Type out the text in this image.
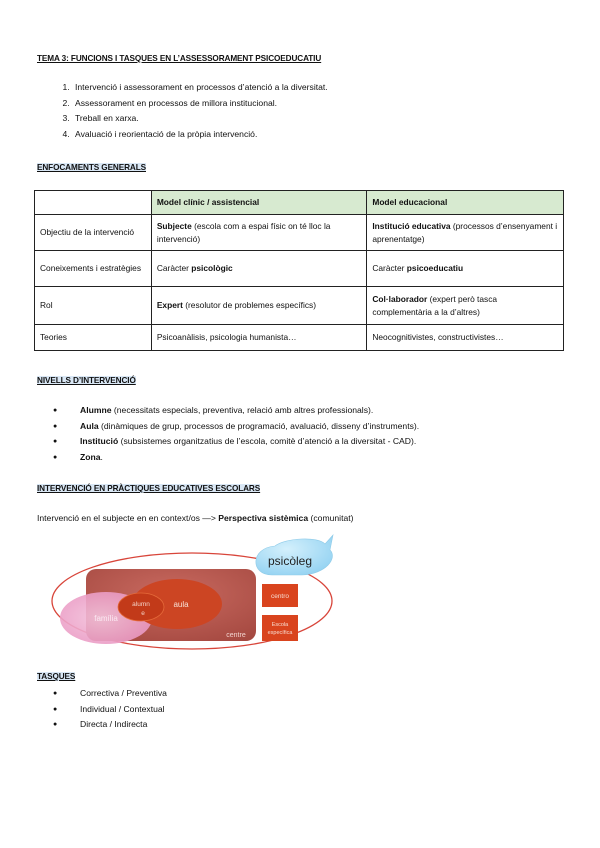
TEMA 3: FUNCIONS I TASQUES EN L’ASSESSORAMENT PSICOEDUCATIU
1. Intervenció i assessorament en processos d’atenció a la diversitat.
2. Assessorament en processos de millora institucional.
3. Treball en xarxa.
4. Avaluació i reorientació de la pròpia intervenció.
ENFOCAMENTS GENERALS
	Model clínic / assistencial	Model educacional
Objectiu de la intervenció	Subjecte (escola com a espai físic on té lloc la intervenció)	Institució educativa (processos d’ensenyament i aprenentatge)
Coneixements i estratègies	Caràcter psicològic	Caràcter psicoeducatiu
Rol	Expert (resolutor de problemes específics)	Col·laborador (expert però tasca complementària a la d’altres)
Teories	Psicoanàlisis, psicologia humanista…	Neocognitivistes, constructivistes…
NIVELLS D’INTERVENCIÓ
● Alumne (necessitats especials, preventiva, relació amb altres professionals).
● Aula (dinàmiques de grup, processos de programació, avaluació, disseny d’instruments).
● Institució (subsistemes organitzatius de l’escola, comitè d’atenció a la diversitat - CAD).
● Zona.
INTERVENCIÓ EN PRÀCTIQUES EDUCATIVES ESCOLARS
Intervenció en el subjecte en en context/os —> Perspectiva sistèmica (comunitat)
alumn
e
aula
família
centre
centro
Escola
específica
psicòleg
TASQUES
● Correctiva / Preventiva
● Individual / Contextual
● Directa / Indirecta
